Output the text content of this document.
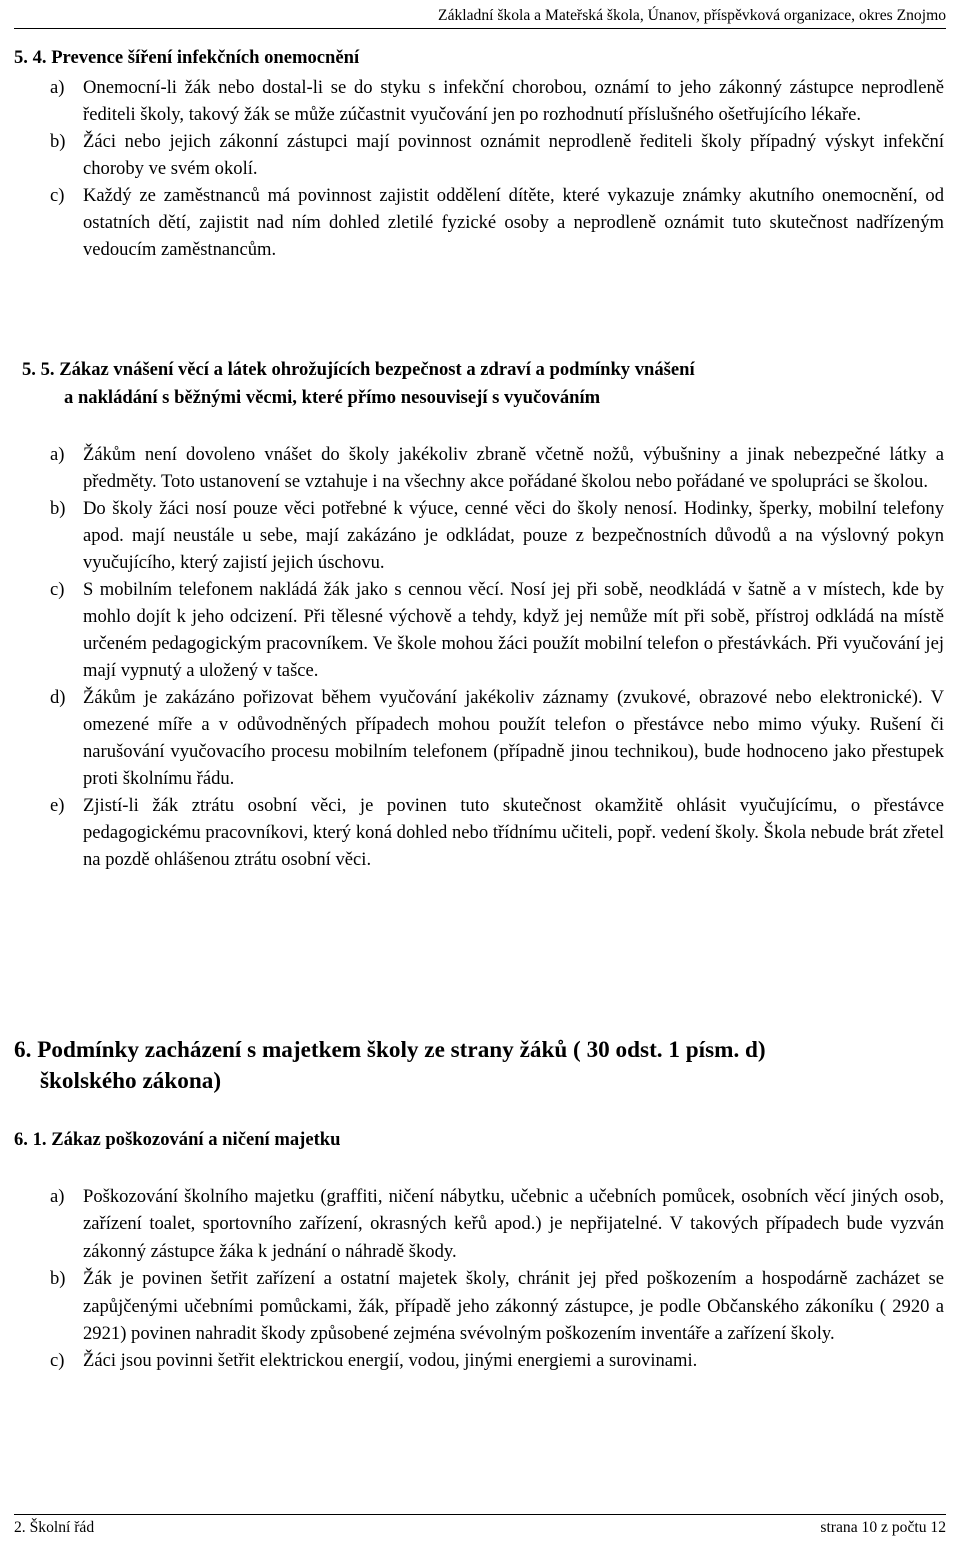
Základní škola a Mateřská škola, Únanov, příspěvková organizace, okres Znojmo
5. 4. Prevence šíření infekčních onemocnění
a) Onemocní-li žák nebo dostal-li se do styku s infekční chorobou, oznámí to jeho zákonný zástupce neprodleně řediteli školy, takový žák se může zúčastnit vyučování jen po rozhodnutí příslušného ošetřujícího lékaře.
b) Žáci nebo jejich zákonní zástupci mají povinnost oznámit neprodleně řediteli školy případný výskyt infekční choroby ve svém okolí.
c) Každý ze zaměstnanců má povinnost zajistit oddělení dítěte, které vykazuje známky akutního onemocnění, od ostatních dětí, zajistit nad ním dohled zletilé fyzické osoby a neprodleně oznámit tuto skutečnost nadřízeným vedoucím zaměstnancům.
5. 5. Zákaz vnášení věcí a látek ohrožujících bezpečnost a zdraví a podmínky vnášení
a nakládání s běžnými věcmi, které přímo nesouvisejí s vyučováním
a) Žákům není dovoleno vnášet do školy jakékoliv zbraně včetně nožů, výbušniny a jinak nebezpečné látky a předměty. Toto ustanovení se vztahuje i na všechny akce pořádané školou nebo pořádané ve spolupráci se školou.
b) Do školy žáci nosí pouze věci potřebné k výuce, cenné věci do školy nenosí. Hodinky, šperky, mobilní telefony apod. mají neustále u sebe, mají zakázáno je odkládat, pouze z bezpečnostních důvodů a na výslovný pokyn vyučujícího, který zajistí jejich úschovu.
c) S mobilním telefonem nakládá žák jako s cennou věcí. Nosí jej při sobě, neodkládá v šatně a v místech, kde by mohlo dojít k jeho odcizení. Při tělesné výchově a tehdy, když jej nemůže mít při sobě, přístroj odkládá na místě určeném pedagogickým pracovníkem. Ve škole mohou žáci použít mobilní telefon o přestávkách. Při vyučování jej mají vypnutý a uložený v tašce.
d) Žákům je zakázáno pořizovat během vyučování jakékoliv záznamy (zvukové, obrazové nebo elektronické). V omezené míře a v odůvodněných případech mohou použít telefon o přestávce nebo mimo výuky. Rušení či narušování vyučovacího procesu mobilním telefonem (případně jinou technikou), bude hodnoceno jako přestupek proti školnímu řádu.
e) Zjistí-li žák ztrátu osobní věci, je povinen tuto skutečnost okamžitě ohlásit vyučujícímu, o přestávce pedagogickému pracovníkovi, který koná dohled nebo třídnímu učiteli, popř. vedení školy. Škola nebude brát zřetel na pozdě ohlášenou ztrátu osobní věci.
6. Podmínky zacházení s majetkem školy ze strany žáků ( 30 odst. 1 písm. d)
školského zákona)
6. 1. Zákaz poškozování a ničení majetku
a) Poškozování školního majetku (graffiti, ničení nábytku, učebnic a učebních pomůcek, osobních věcí jiných osob, zařízení toalet, sportovního zařízení, okrasných keřů apod.) je nepřijatelné. V takových případech bude vyzván zákonný zástupce žáka k jednání o náhradě škody.
b) Žák je povinen šetřit zařízení a ostatní majetek školy, chránit jej před poškozením a hospodárně zacházet se zapůjčenými učebními pomůckami, žák, případě jeho zákonný zástupce, je podle Občanského zákoníku ( 2920 a 2921) povinen nahradit škody způsobené zejména svévolným poškozením inventáře a zařízení školy.
c) Žáci jsou povinni šetřit elektrickou energií, vodou, jinými energiemi a surovinami.
2. Školní řád	strana 10 z počtu 12
